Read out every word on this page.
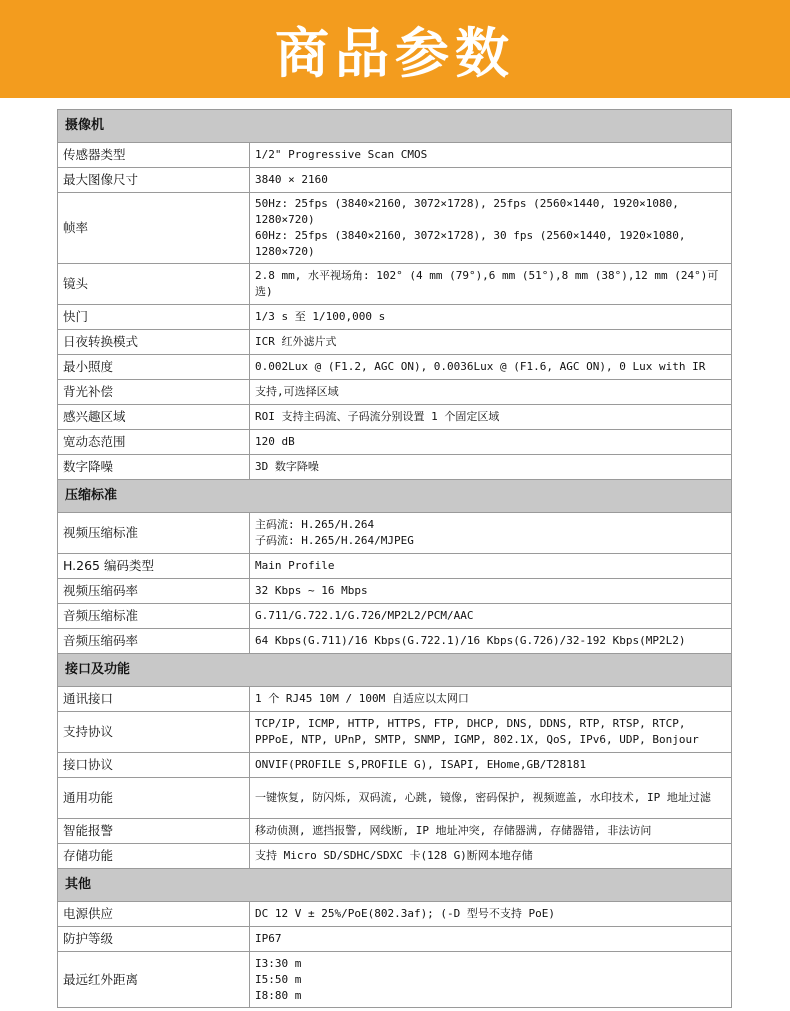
商品参数
摄像机	
传感器类型	1/2" Progressive Scan CMOS

最大图像尺寸	3840 × 2160

帧率	50Hz: 25fps (3840×2160, 3072×1728), 25fps (2560×1440, 1920×1080, 1280×720)
60Hz: 25fps (3840×2160, 3072×1728), 30 fps (2560×1440, 1920×1080, 1280×720)

镜头	2.8 mm, 水平视场角: 102° (4 mm (79°),6 mm (51°),8 mm (38°),12 mm (24°)可选)

快门	1/3 s 至 1/100,000 s

日夜转换模式	ICR 红外滤片式

最小照度	0.002Lux @ (F1.2, AGC ON), 0.0036Lux @ (F1.6, AGC ON), 0 Lux with IR

背光补偿	支持,可选择区域

感兴趣区域	ROI 支持主码流、子码流分别设置 1 个固定区域

宽动态范围	120 dB

数字降噪	3D 数字降噪

压缩标准	
视频压缩标准	主码流: H.265/H.264
子码流: H.265/H.264/MJPEG

H.265 编码类型	Main Profile

视频压缩码率	32 Kbps ~ 16 Mbps

音频压缩标准	G.711/G.722.1/G.726/MP2L2/PCM/AAC

音频压缩码率	64 Kbps(G.711)/16 Kbps(G.722.1)/16 Kbps(G.726)/32-192 Kbps(MP2L2)

接口及功能	
通讯接口	1 个 RJ45 10M / 100M 自适应以太网口

支持协议	TCP/IP, ICMP, HTTP, HTTPS, FTP, DHCP, DNS, DDNS, RTP, RTSP, RTCP, PPPoE, NTP, UPnP, SMTP, SNMP, IGMP, 802.1X, QoS, IPv6, UDP, Bonjour

接口协议	ONVIF(PROFILE S,PROFILE G), ISAPI, EHome,GB/T28181

通用功能	一键恢复, 防闪烁, 双码流, 心跳, 镜像, 密码保护, 视频遮盖, 水印技术, IP 地址过滤

智能报警	移动侦测, 遮挡报警, 网线断, IP 地址冲突, 存储器满, 存储器错, 非法访问

存储功能	支持 Micro SD/SDHC/SDXC 卡(128 G)断网本地存储

其他	
电源供应	DC 12 V ± 25%/PoE(802.3af); (-D 型号不支持 PoE)

防护等级	IP67

最远红外距离	I3:30 m
I5:50 m
I8:80 m
